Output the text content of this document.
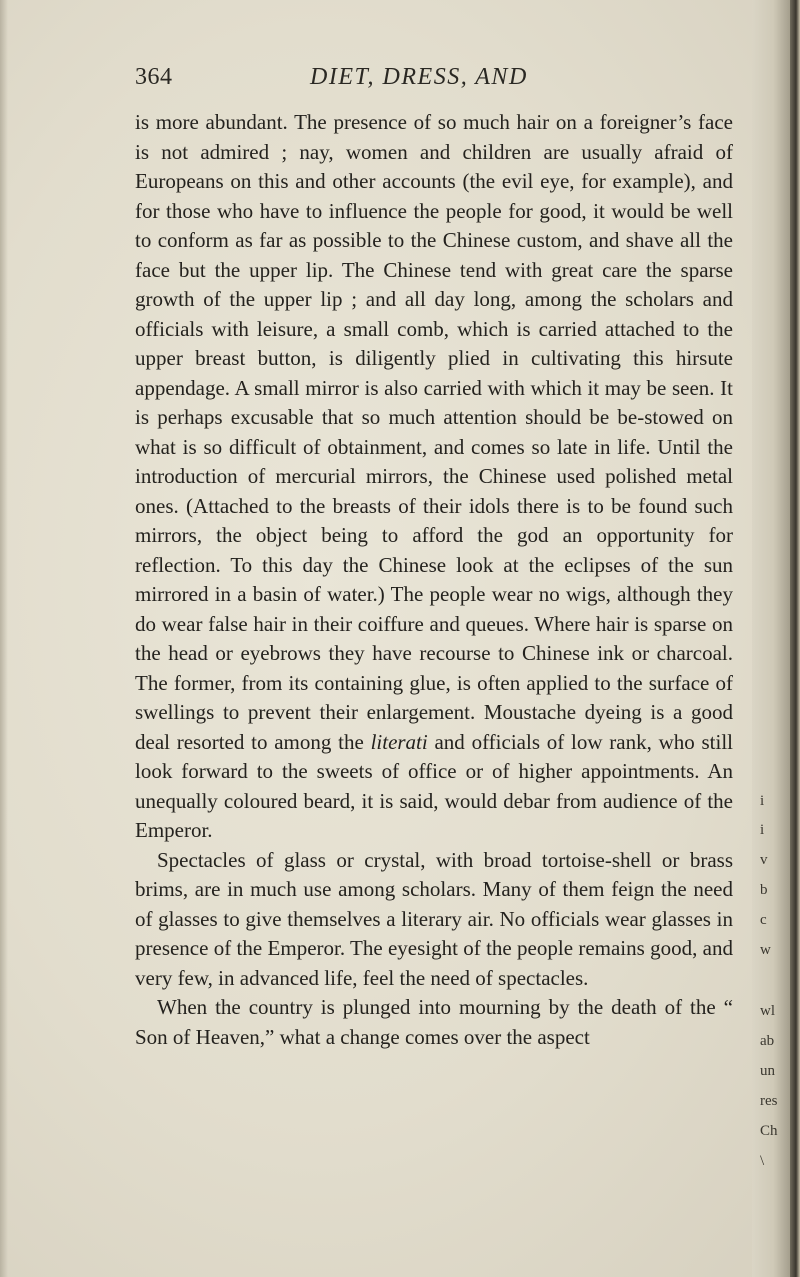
364	DIET, DRESS, AND

is more abundant. The presence of so much hair on a foreigner’s face is not admired ; nay, women and children are usually afraid of Europeans on this and other accounts (the evil eye, for example), and for those who have to influence the people for good, it would be well to conform as far as possible to the Chinese custom, and shave all the face but the upper lip. The Chinese tend with great care the sparse growth of the upper lip ; and all day long, among the scholars and officials with leisure, a small comb, which is carried attached to the upper breast button, is diligently plied in cultivating this hirsute appendage. A small mirror is also carried with which it may be seen. It is perhaps excusable that so much attention should be be-stowed on what is so difficult of obtainment, and comes so late in life. Until the introduction of mercurial mirrors, the Chinese used polished metal ones. (Attached to the breasts of their idols there is to be found such mirrors, the object being to afford the god an opportunity for reflection. To this day the Chinese look at the eclipses of the sun mirrored in a basin of water.) The people wear no wigs, although they do wear false hair in their coiffure and queues. Where hair is sparse on the head or eyebrows they have recourse to Chinese ink or charcoal. The former, from its containing glue, is often applied to the surface of swellings to prevent their enlargement. Moustache dyeing is a good deal resorted to among the literati and officials of low rank, who still look forward to the sweets of office or of higher appointments. An unequally coloured beard, it is said, would debar from audience of the Emperor.

Spectacles of glass or crystal, with broad tortoise-shell or brass brims, are in much use among scholars. Many of them feign the need of glasses to give themselves a literary air. No officials wear glasses in presence of the Emperor. The eyesight of the people remains good, and very few, in advanced life, feel the need of spectacles.

When the country is plunged into mourning by the death of the “ Son of Heaven,” what a change comes over the aspect

i
i
v
b
c
w
wl
ab
un
res
Ch
\
